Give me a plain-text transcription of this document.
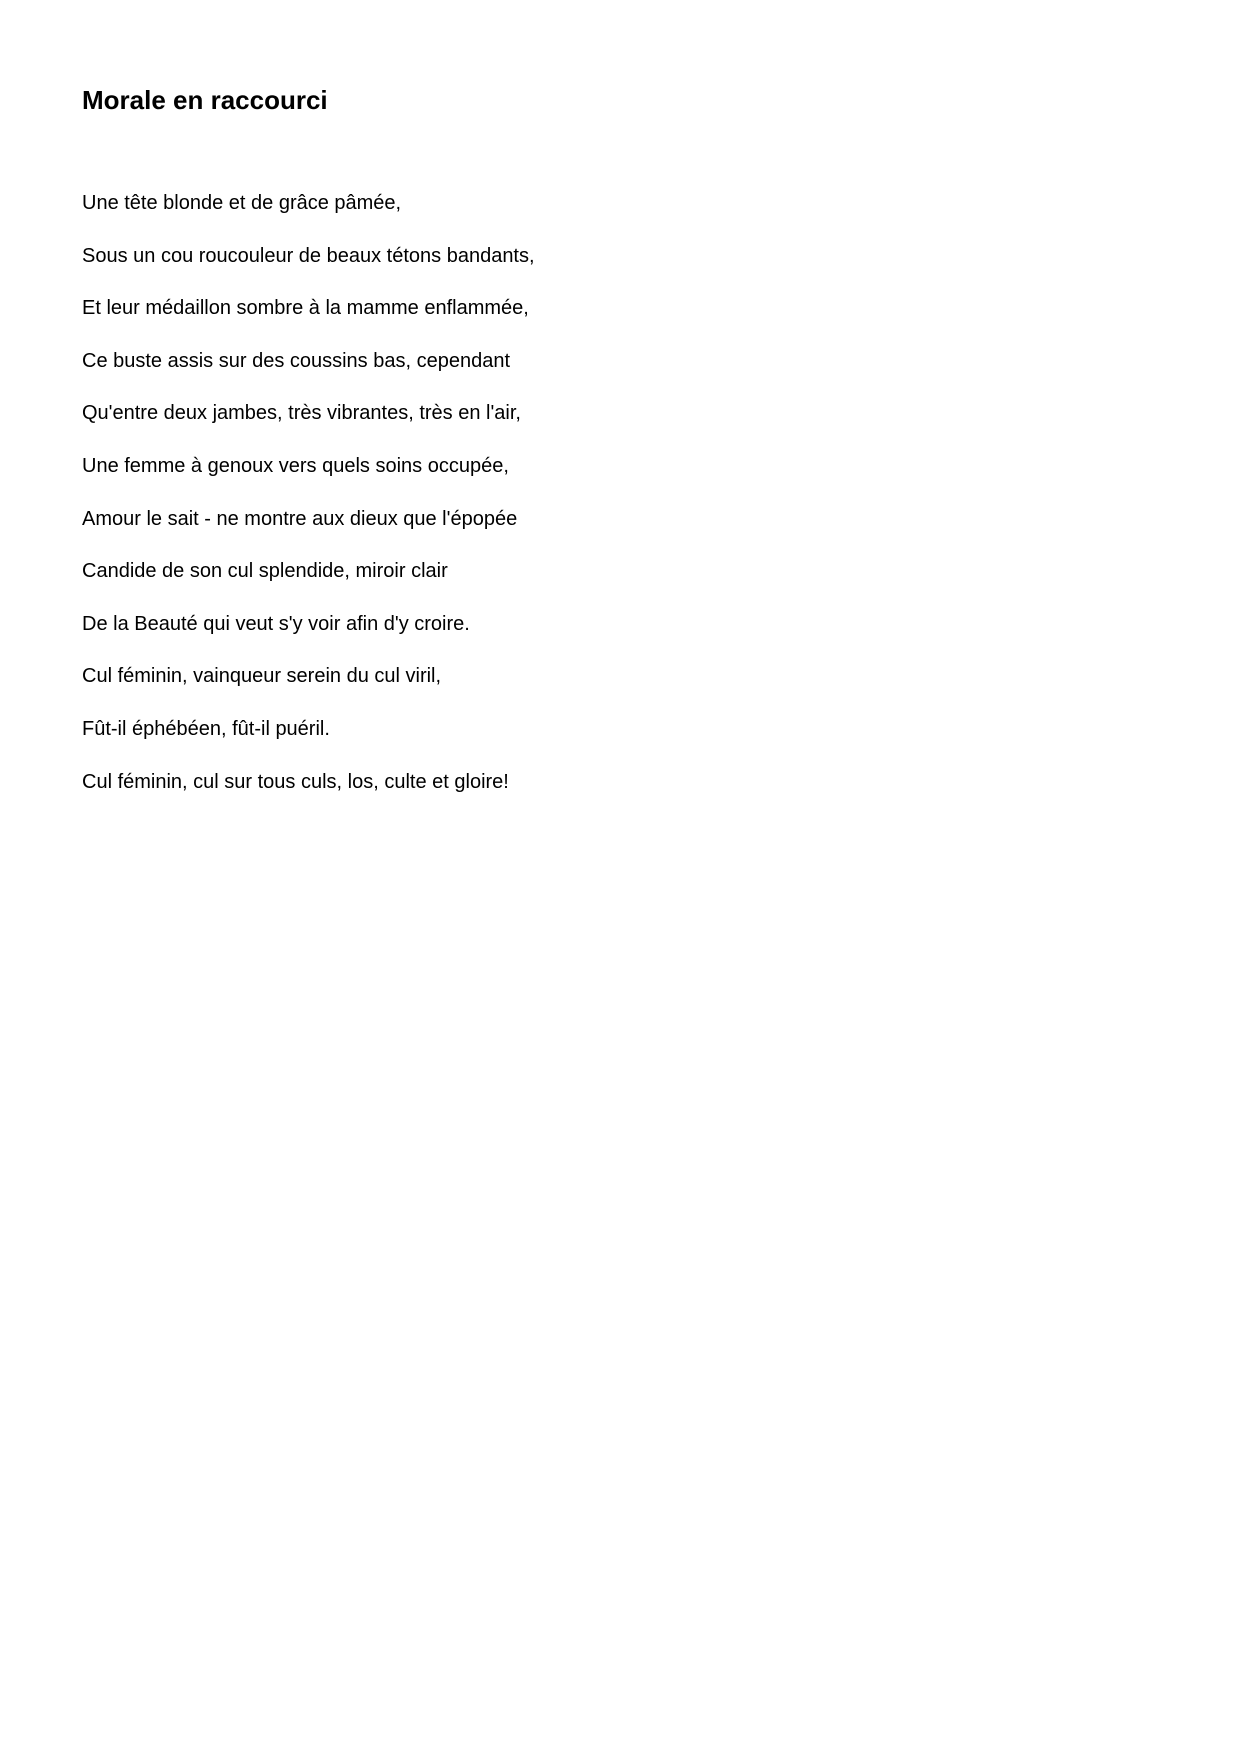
Morale en raccourci
Une tête blonde et de grâce pâmée,
Sous un cou roucouleur de beaux tétons bandants,
Et leur médaillon sombre à la mamme enflammée,
Ce buste assis sur des coussins bas, cependant
Qu'entre deux jambes, très vibrantes, très en l'air,
Une femme à genoux vers quels soins occupée,
Amour le sait - ne montre aux dieux que l'épopée
Candide de son cul splendide, miroir clair
De la Beauté qui veut s'y voir afin d'y croire.
Cul féminin, vainqueur serein du cul viril,
Fût-il éphébéen, fût-il puéril.
Cul féminin, cul sur tous culs, los, culte et gloire!
